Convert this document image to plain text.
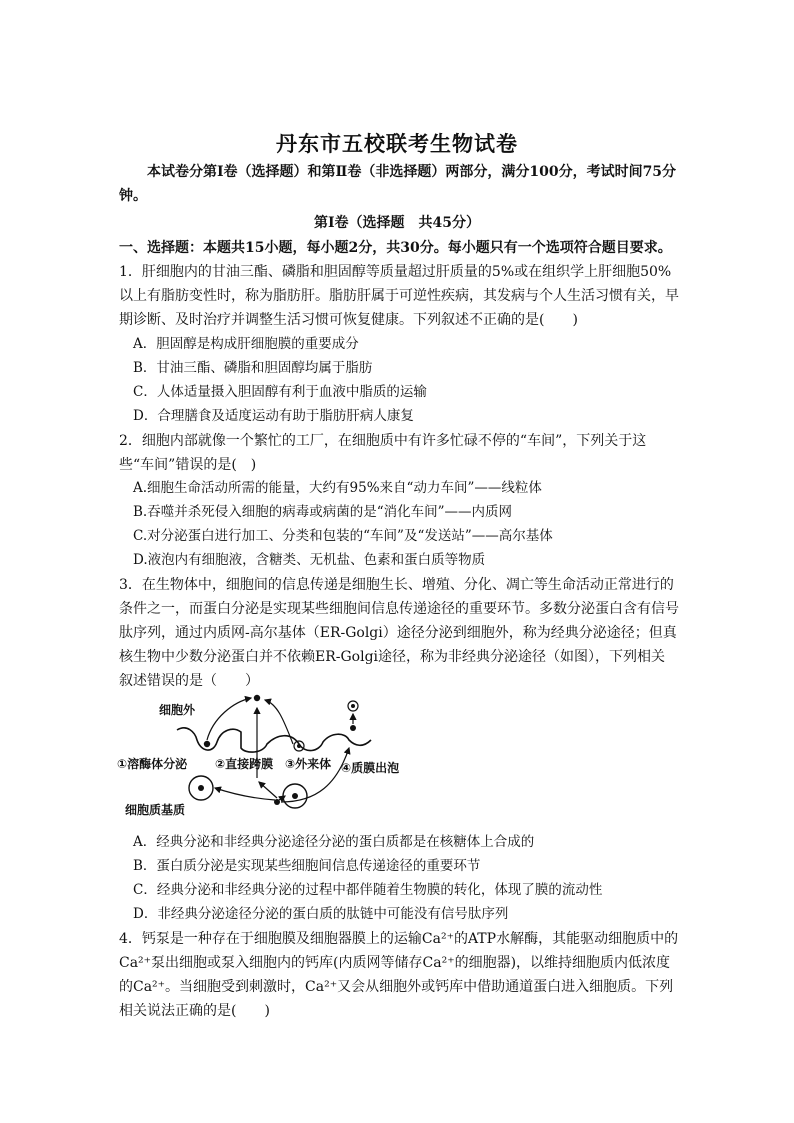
丹东市五校联考生物试卷
本试卷分第Ⅰ卷（选择题）和第Ⅱ卷（非选择题）两部分，满分100分，考试时间75分钟。
第Ⅰ卷（选择题　共45分）
一、选择题：本题共15小题，每小题2分，共30分。每小题只有一个选项符合题目要求。
1．肝细胞内的甘油三酯、磷脂和胆固醇等质量超过肝质量的5%或在组织学上肝细胞50%以上有脂肪变性时，称为脂肪肝。脂肪肝属于可逆性疾病，其发病与个人生活习惯有关，早期诊断、及时治疗并调整生活习惯可恢复健康。下列叙述不正确的是(　　)
A．胆固醇是构成肝细胞膜的重要成分
B．甘油三酯、磷脂和胆固醇均属于脂肪
C．人体适量摄入胆固醇有利于血液中脂质的运输
D．合理膳食及适度运动有助于脂肪肝病人康复
2．细胞内部就像一个繁忙的工厂，在细胞质中有许多忙碌不停的“车间”，下列关于这些“车间”错误的是(　)
A.细胞生命活动所需的能量，大约有95%来自“动力车间”——线粒体
B.吞噬并杀死侵入细胞的病毒或病菌的是“消化车间”——内质网
C.对分泌蛋白进行加工、分类和包装的“车间”及“发送站”——高尔基体
D.液泡内有细胞液，含糖类、无机盐、色素和蛋白质等物质
3．在生物体中，细胞间的信息传递是细胞生长、增殖、分化、凋亡等生命活动正常进行的条件之一，而蛋白分泌是实现某些细胞间信息传递途径的重要环节。多数分泌蛋白含有信号肽序列，通过内质网-高尔基体（ER-Golgi）途径分泌到细胞外，称为经典分泌途径；但真核生物中少数分泌蛋白并不依赖ER-Golgi途径，称为非经典分泌途径（如图），下列相关叙述错误的是（　　）
细胞外
①溶酶体分泌 ②直接跨膜 ③外来体 ④质膜出泡
细胞质基质
A．经典分泌和非经典分泌途径分泌的蛋白质都是在核糖体上合成的
B．蛋白质分泌是实现某些细胞间信息传递途径的重要环节
C．经典分泌和非经典分泌的过程中都伴随着生物膜的转化，体现了膜的流动性
D．非经典分泌途径分泌的蛋白质的肽链中可能没有信号肽序列
4．钙泵是一种存在于细胞膜及细胞器膜上的运输Ca²⁺的ATP水解酶，其能驱动细胞质中的Ca²⁺泵出细胞或泵入细胞内的钙库(内质网等储存Ca²⁺的细胞器)，以维持细胞质内低浓度的Ca²⁺。当细胞受到刺激时，Ca²⁺又会从细胞外或钙库中借助通道蛋白进入细胞质。下列相关说法正确的是(　　)
